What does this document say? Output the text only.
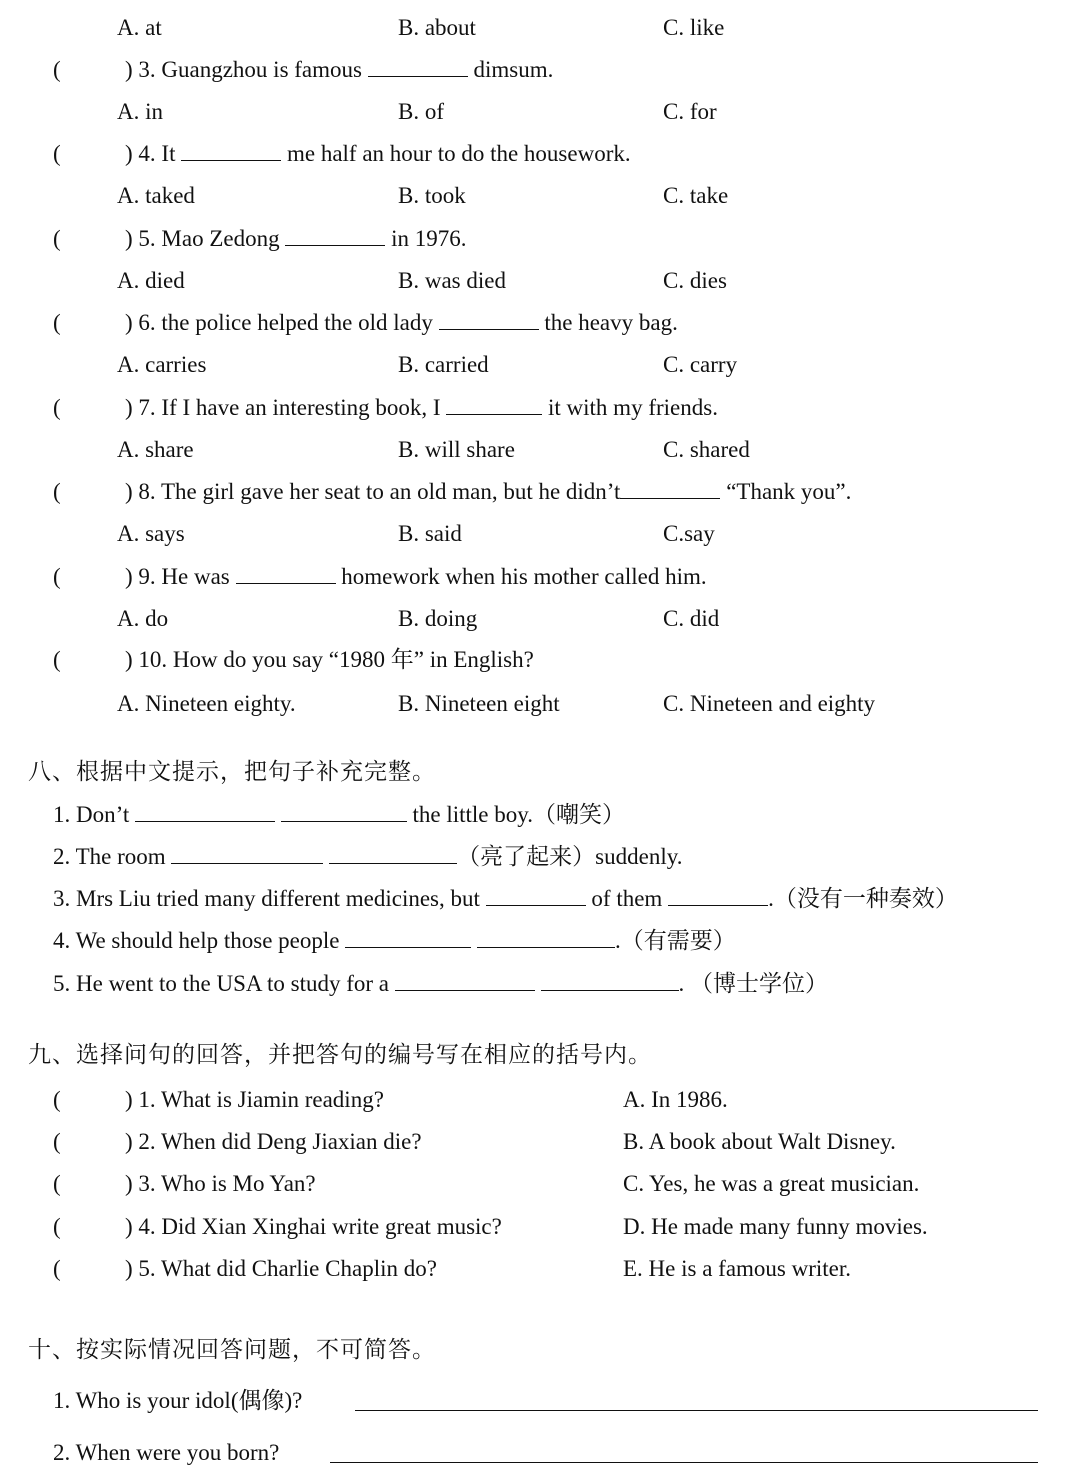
A. at	B. about	C. like
(	) 3. Guangzhou is famous	dimsum.
A. in	B. of	C. for
(	) 4. It	me half an hour to do the housework.
A. taked	B. took	C. take
(	) 5. Mao Zedong	in 1976.
A. died	B. was died	C. dies
(	) 6. the police helped the old lady	the heavy bag.
A. carries	B. carried	C. carry
(	) 7. If I have an interesting book, I	it with my friends.
A. share	B. will share	C. shared
(	) 8. The girl gave her seat to an old man, but he didn’t	“Thank you”.
A. says	B. said	C.say
(	) 9. He was	homework when his mother called him.
A. do	B. doing	C. did
(	) 10. How do you say “1980 年” in English?
A. Nineteen eighty.	B. Nineteen eight	C. Nineteen and eighty
八、根据中文提示，把句子补充完整。
1. Don’t	the little boy.（嘲笑）
2. The room	（亮了起来）suddenly.
3. Mrs Liu tried many different medicines, but	of them	.（没有一种奏效）
4. We should help those people	.（有需要）
5. He went to the USA to study for a	. （博士学位）
九、选择问句的回答，并把答句的编号写在相应的括号内。
(	) 1. What is Jiamin reading?	A. In 1986.
(	) 2. When did Deng Jiaxian die?	B. A book about Walt Disney.
(	) 3. Who is Mo Yan?	C. Yes, he was a great musician.
(	) 4. Did Xian Xinghai write great music?	D. He made many funny movies.
(	) 5. What did Charlie Chaplin do?	E. He is a famous writer.
十、按实际情况回答问题，不可简答。
1. Who is your idol(偶像)?
2. When were you born?
